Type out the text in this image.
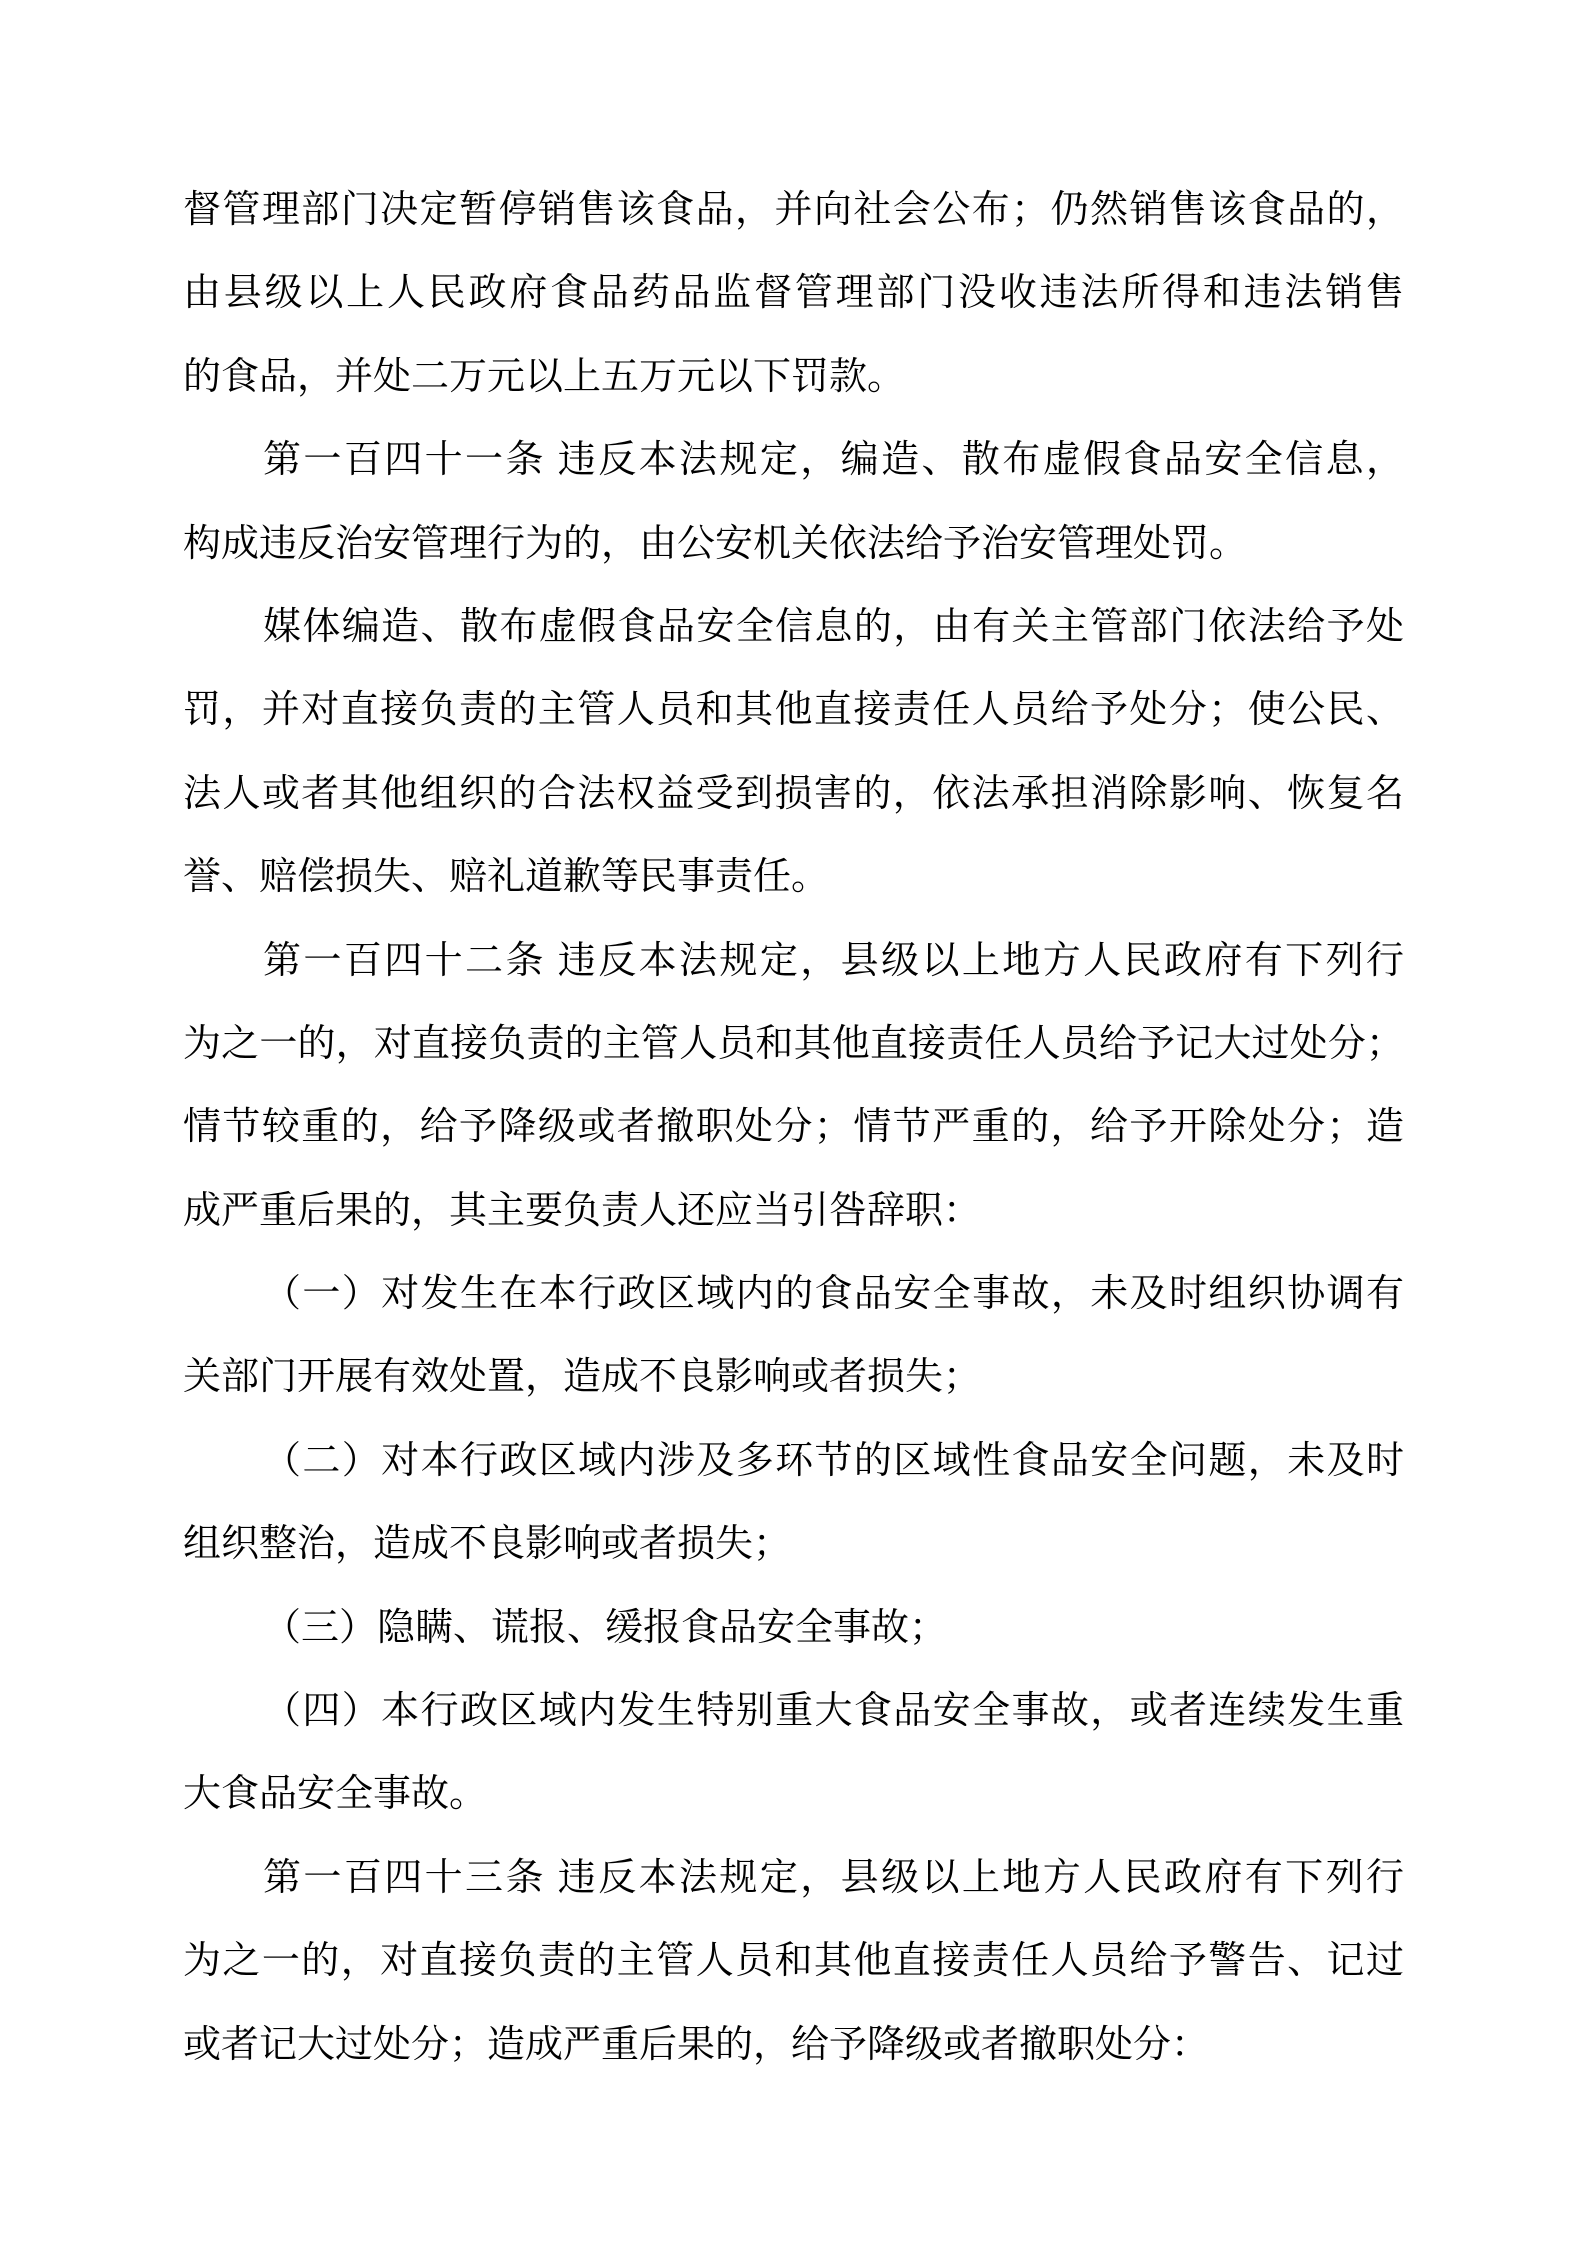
督管理部门决定暂停销售该食品，并向社会公布；仍然销售该食品的，
由县级以上人民政府食品药品监督管理部门没收违法所得和违法销售
的食品，并处二万元以上五万元以下罚款。
第一百四十一条 违反本法规定，编造、散布虚假食品安全信息，
构成违反治安管理行为的，由公安机关依法给予治安管理处罚。
媒体编造、散布虚假食品安全信息的，由有关主管部门依法给予处
罚，并对直接负责的主管人员和其他直接责任人员给予处分；使公民、
法人或者其他组织的合法权益受到损害的，依法承担消除影响、恢复名
誉、赔偿损失、赔礼道歉等民事责任。
第一百四十二条 违反本法规定，县级以上地方人民政府有下列行
为之一的，对直接负责的主管人员和其他直接责任人员给予记大过处分；
情节较重的，给予降级或者撤职处分；情节严重的，给予开除处分；造
成严重后果的，其主要负责人还应当引咎辞职：
（一）对发生在本行政区域内的食品安全事故，未及时组织协调有
关部门开展有效处置，造成不良影响或者损失；
（二）对本行政区域内涉及多环节的区域性食品安全问题，未及时
组织整治，造成不良影响或者损失；
（三）隐瞒、谎报、缓报食品安全事故；
（四）本行政区域内发生特别重大食品安全事故，或者连续发生重
大食品安全事故。
第一百四十三条 违反本法规定，县级以上地方人民政府有下列行
为之一的，对直接负责的主管人员和其他直接责任人员给予警告、记过
或者记大过处分；造成严重后果的，给予降级或者撤职处分：
